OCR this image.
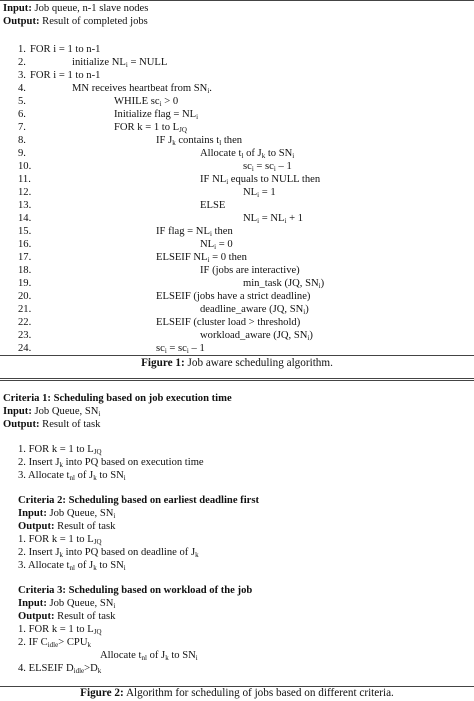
Input: Job queue, n-1 slave nodes
Output: Result of completed jobs
1. FOR i = 1 to n-1
2.	initialize $NL_i$ = NULL
3. FOR i = 1 to n-1
4.	MN receives heartbeat from $SN_i$.
5.	WHILE $sc_i > 0$
6.	Initialize flag = $NL_i$
7.	FOR k = 1 to $L_{JQ}$
8.	IF $J_k$ contains $t_l$ then
9.	Allocate $t_l$ of $J_k$ to $SN_i$
10.	$sc_i = sc_i - 1$
11.	IF $NL_i$ equals to NULL then
12.	$NL_i = 1$
13.	ELSE
14.	$NL_i = NL_i + 1$
15.	IF flag = $NL_i$ then
16.	$NL_i = 0$
17.	ELSEIF $NL_i = 0$ then
18.	IF (jobs are interactive)
19.	min_task (JQ, $SN_i$)
20.	ELSEIF (jobs have a strict deadline)
21.	deadline_aware (JQ, $SN_i$)
22.	ELSEIF (cluster load > threshold)
23.	workload_aware (JQ, $SN_i$)
24.	$sc_i = sc_i - 1$
Figure 1: Job aware scheduling algorithm.
Criteria 1: Scheduling based on job execution time
Input: Job Queue, $SN_i$
Output: Result of task
1. FOR k = 1 to $L_{JQ}$
2. Insert $J_k$ into PQ based on execution time
3. Allocate $t_{nl}$ of $J_k$ to $SN_i$
Criteria 2: Scheduling based on earliest deadline first
Input: Job Queue, $SN_i$
Output: Result of task
1. FOR k = 1 to $L_{JQ}$
2. Insert $J_k$ into PQ based on deadline of $J_k$
3. Allocate $t_{nl}$ of $J_k$ to $SN_i$
Criteria 3: Scheduling based on workload of the job
Input: Job Queue, $SN_i$
Output: Result of task
1. FOR k = 1 to $L_{JQ}$
2. IF $C_{idle}> CPU_k$
Allocate $t_{nl}$ of $J_k$ to $SN_i$
4. ELSEIF $D_{idle}>D_k$
Figure 2: Algorithm for scheduling of jobs based on different criteria.
